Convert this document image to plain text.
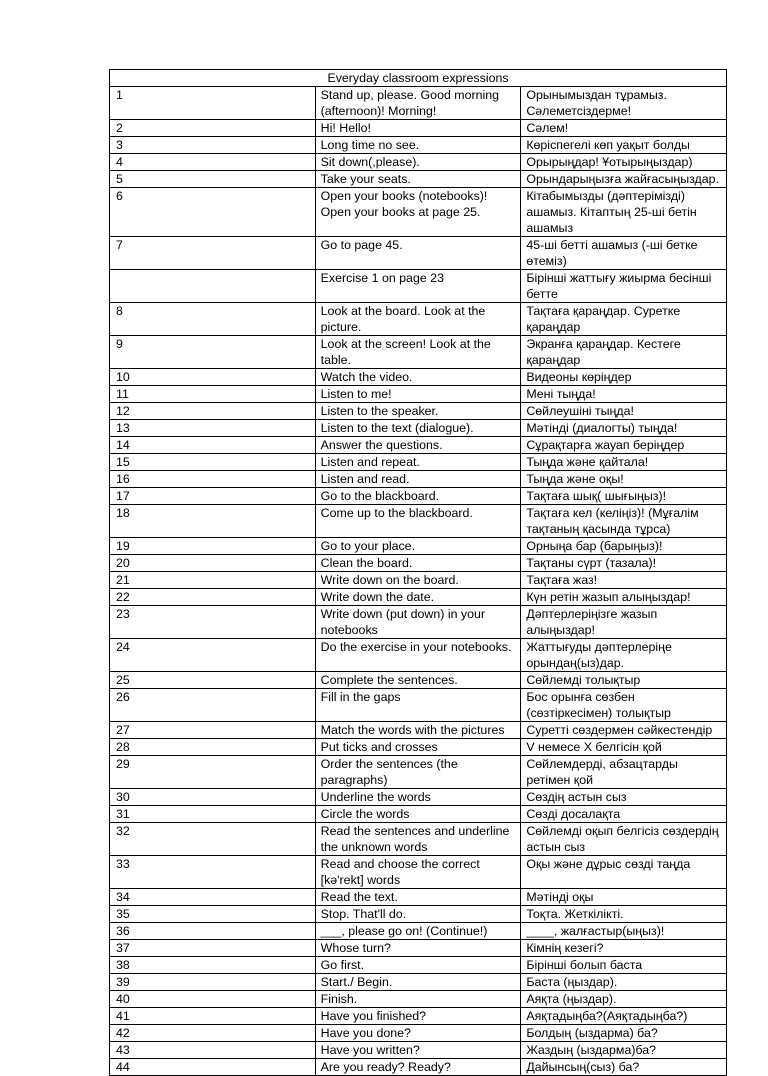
Everyday classroom expressions		
1	Stand up, please. Good morning (afternoon)! Morning!	Орынымыздан тұрамыз. Сәлеметсіздерме!
2	Hi! Hello!	Сәлем!
3	Long time no see.	Көріспегелі көп уақыт болды
4	Sit down(,please).	Орырыңдар! Ұотырыңыздар)
5	Take your seats.	Орындарыңызға жайғасыңыздар.
6	Open your books (notebooks)! Open your books at page 25.	Кітабымызды (дәптерімізді) ашамыз. Кітаптың 25-ші бетін ашамыз
7	Go to page 45.	45-ші бетті ашамыз (-ші бетке өтеміз)
	Exercise 1 on page 23	Бірінші жаттығу жиырма бесінші бетте
8	Look at the board. Look at the picture.	Тақтаға қараңдар. Суретке қараңдар
9	Look at the screen! Look at the table.	Экранға қараңдар. Кестеге қараңдар
10	Watch the video.	Видеоны көріңдер
11	Listen to me!	Мені тыңда!
12	Listen to the speaker.	Сөйлеушіні тыңда!
13	Listen to the text (dialogue).	Мәтінді (диалогты) тыңда!
14	Answer the questions.	Сұрақтарға жауап беріңдер
15	Listen and repeat.	Тыңда және қайтала!
16	Listen and read.	Тыңда және оқы!
17	Go to the blackboard.	Тақтаға шық( шығыңыз)!
18	Come up to the blackboard.	Тақтаға кел (келіңіз)! (Мұғалім тақтаның қасында тұрса)
19	Go to your place.	Орныңа бар (барыңыз)!
20	Clean the board.	Тақтаны сүрт (тазала)!
21	Write down on the board.	Тақтаға жаз!
22	Write down the date.	Күн ретін жазып алыңыздар!
23	Write down (put down) in your notebooks	Дәптерлеріңізге жазып алыңыздар!
24	Do the exercise in your notebooks.	Жаттығуды дәптерлеріңе орындаң(ыз)дар.
25	Complete the sentences.	Сөйлемді толықтыр
26	Fill in the gaps	Бос орынға сөзбен (сөзтіркесімен) толықтыр
27	Match the words with the pictures	Суретті сөздермен сәйкестендір
28	Put ticks and crosses	V немесе X белгісін қой
29	Order the sentences (the paragraphs)	Сөйлемдерді, абзацтарды ретімен қой
30	Underline the words	Сөздің астын сыз
31	Circle the words	Сөзді досалақта
32	Read the sentences and underline the unknown words	Сөйлемді оқып белгісіз сөздердің астын сыз
33	Read and choose the correct [kə'rekt] words	Оқы және дұрыс сөзді таңда
34	Read the text.	Мәтінді оқы
35	Stop. That'll do.	Тоқта. Жеткілікті.
36	___, please go on! (Continue!)	____, жалғастыр(ыңыз)!
37	Whose turn?	Кімнің кезегі?
38	Go first.	Бірінші болып баста
39	Start./ Begin.	Баста (ңыздар).
40	Finish.	Аяқта (ңыздар).
41	Have you finished?	Аяқтадыңба?(Аяқтадыңба?)
42	Have you done?	Болдың (ыздарма) ба?
43	Have you written?	Жаздың (ыздарма)ба?
44	Are you ready? Ready?	Дайынсың(сыз) ба?
